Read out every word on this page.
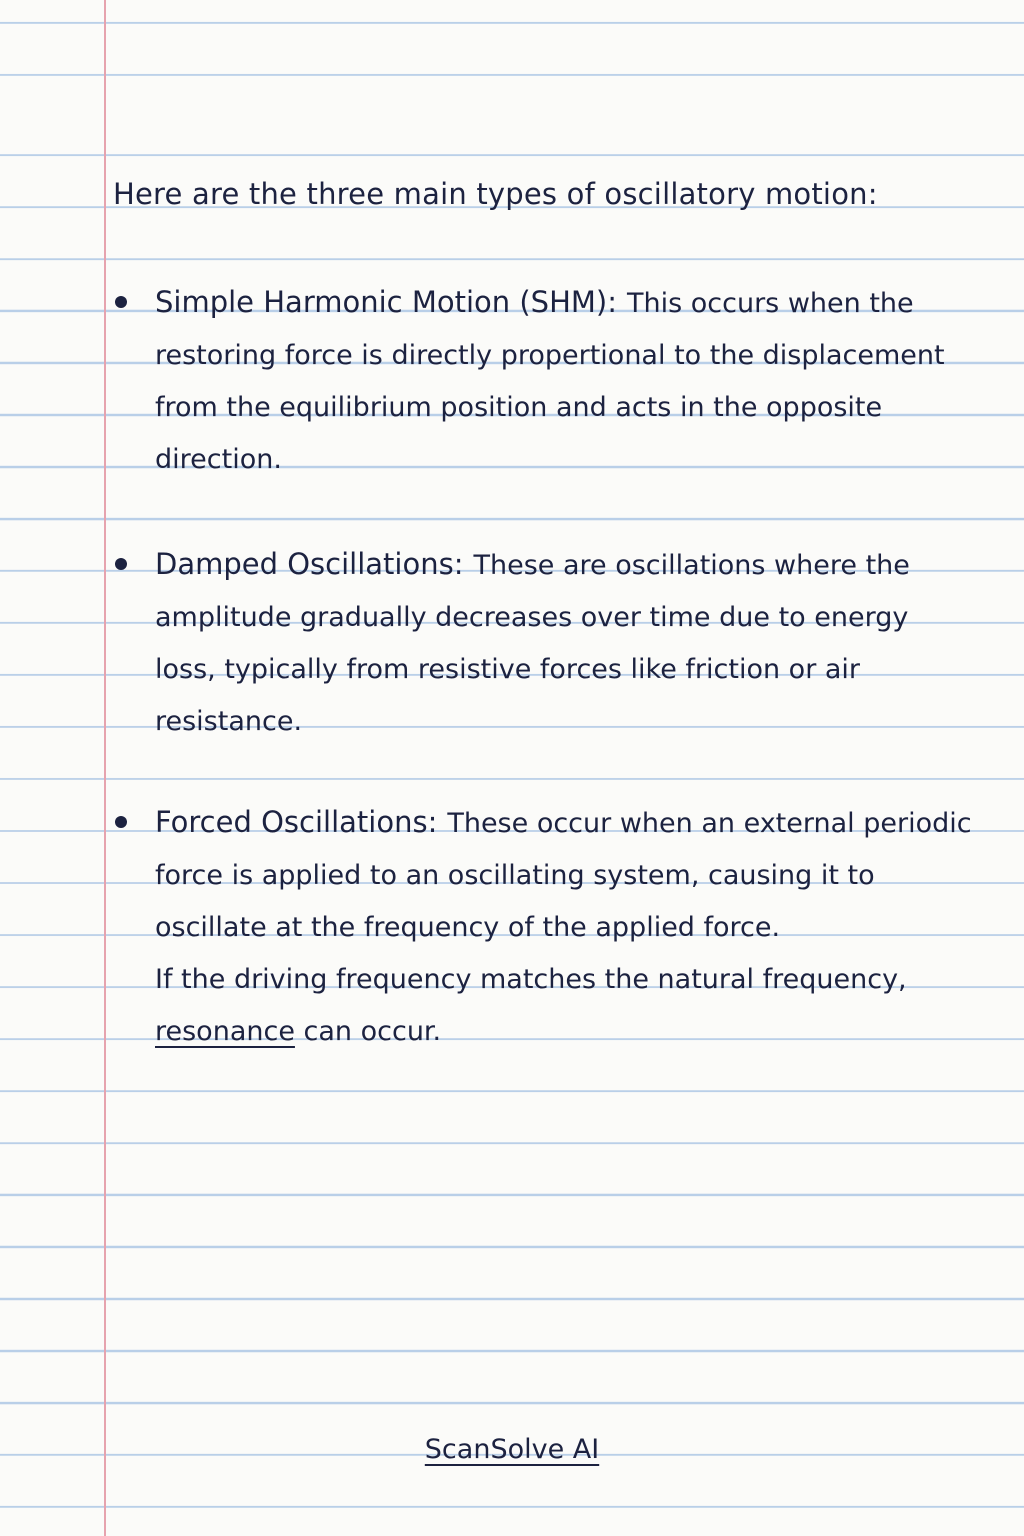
Here are the three main types of oscillatory motion:
Simple Harmonic Motion (SHM): This occurs when the
restoring force is directly propertional to the displacement
from the equilibrium position and acts in the opposite
direction.
Damped Oscillations: These are oscillations where the
amplitude gradually decreases over time due to energy
loss, typically from resistive forces like friction or air
resistance.
Forced Oscillations: These occur when an external periodic
force is applied to an oscillating system, causing it to
oscillate at the frequency of the applied force.
If the driving frequency matches the natural frequency,
resonance can occur.
ScanSolve AI
